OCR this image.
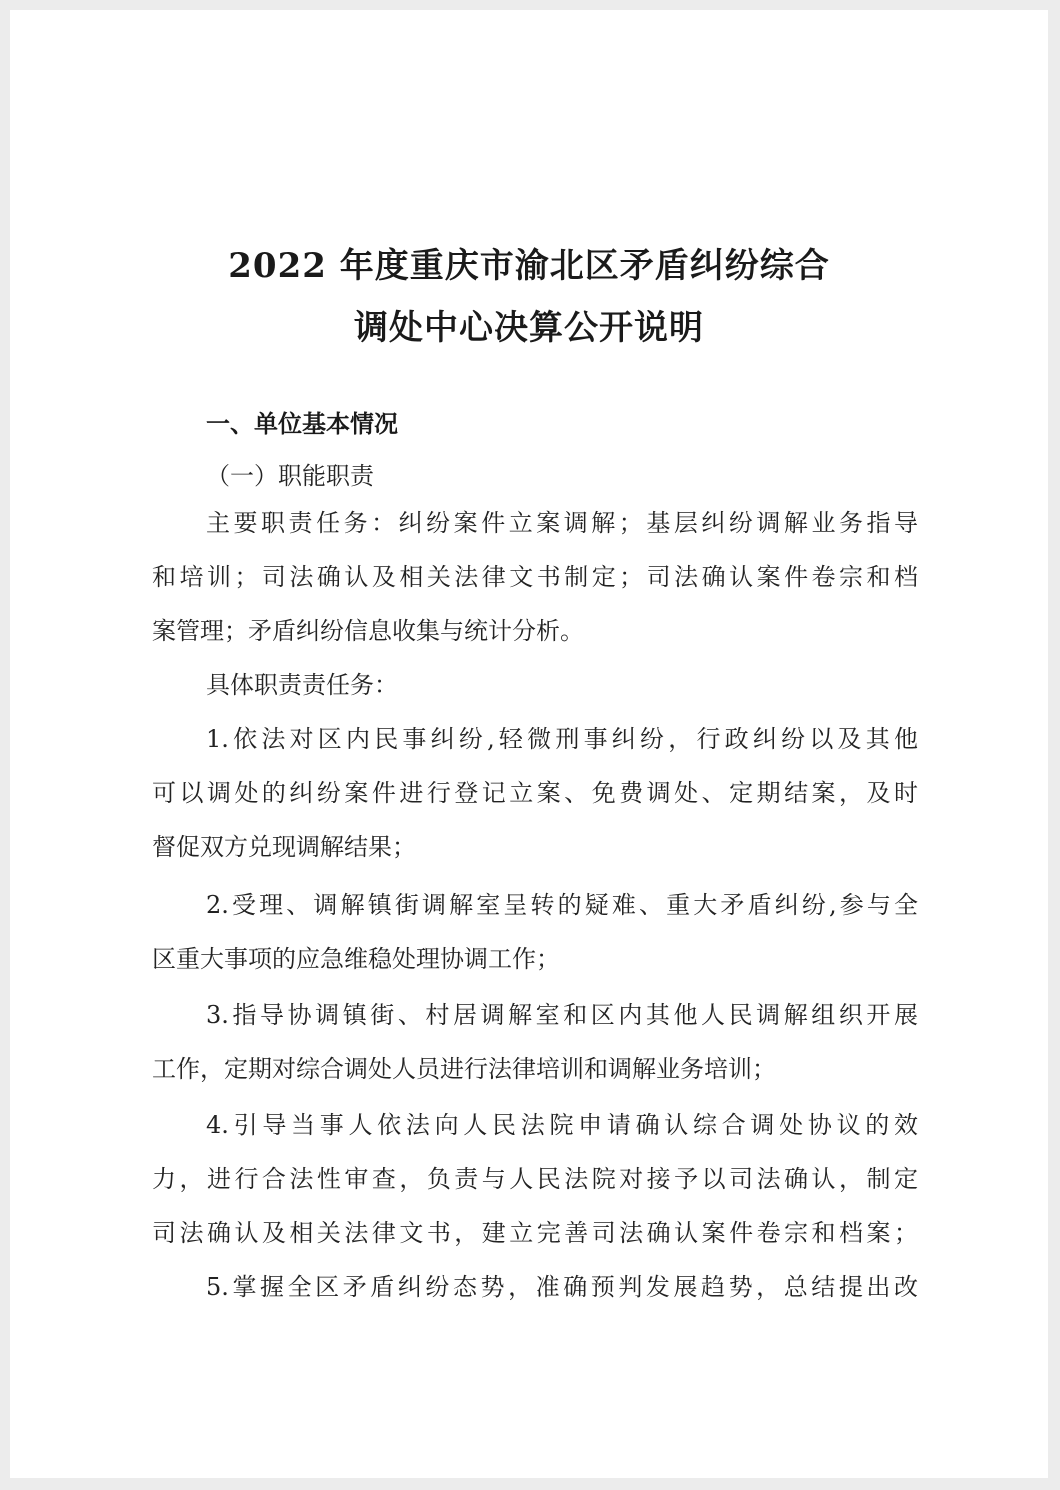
2022 年度重庆市渝北区矛盾纠纷综合
调处中心决算公开说明
一、单位基本情况
（一）职能职责
主要职责任务：纠纷案件立案调解；基层纠纷调解业务指导
和培训；司法确认及相关法律文书制定；司法确认案件卷宗和档
案管理；矛盾纠纷信息收集与统计分析。
具体职责责任务：
1.依法对区内民事纠纷,轻微刑事纠纷，行政纠纷以及其他
可以调处的纠纷案件进行登记立案、免费调处、定期结案，及时
督促双方兑现调解结果；
2.受理、调解镇街调解室呈转的疑难、重大矛盾纠纷,参与全
区重大事项的应急维稳处理协调工作；
3.指导协调镇街、村居调解室和区内其他人民调解组织开展
工作，定期对综合调处人员进行法律培训和调解业务培训；
4.引导当事人依法向人民法院申请确认综合调处协议的效
力，进行合法性审查，负责与人民法院对接予以司法确认，制定
司法确认及相关法律文书，建立完善司法确认案件卷宗和档案；
5.掌握全区矛盾纠纷态势，准确预判发展趋势，总结提出改
